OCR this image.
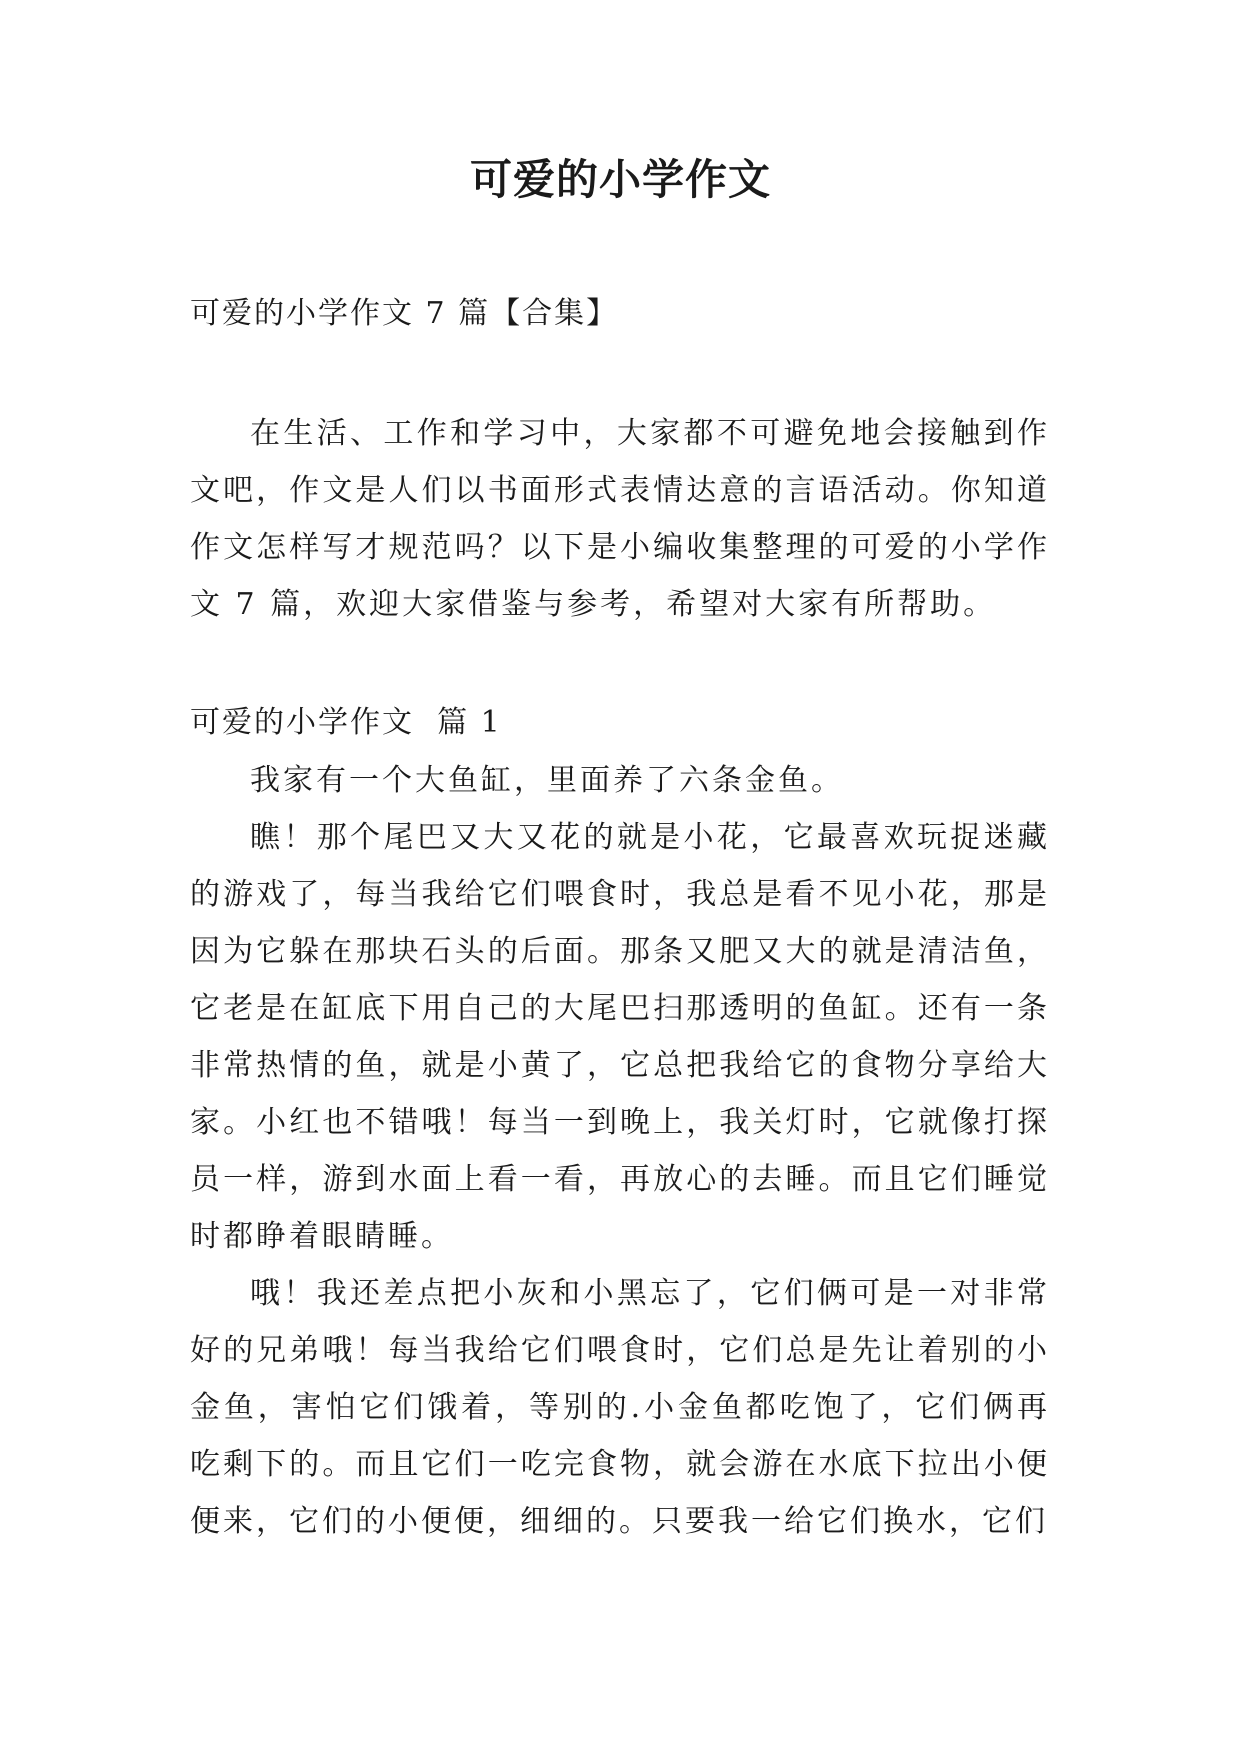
可爱的小学作文
可爱的小学作文 7 篇【合集】

在生活、工作和学习中，大家都不可避免地会接触到作文吧，作文是人们以书面形式表情达意的言语活动。你知道作文怎样写才规范吗？以下是小编收集整理的可爱的小学作文 7 篇，欢迎大家借鉴与参考，希望对大家有所帮助。

可爱的小学作文  篇 1

我家有一个大鱼缸，里面养了六条金鱼。

瞧！那个尾巴又大又花的就是小花，它最喜欢玩捉迷藏的游戏了，每当我给它们喂食时，我总是看不见小花，那是因为它躲在那块石头的后面。那条又肥又大的就是清洁鱼，它老是在缸底下用自己的大尾巴扫那透明的鱼缸。还有一条非常热情的鱼，就是小黄了，它总把我给它的食物分享给大家。小红也不错哦！每当一到晚上，我关灯时，它就像打探员一样，游到水面上看一看，再放心的去睡。而且它们睡觉时都睁着眼睛睡。

哦！我还差点把小灰和小黑忘了，它们俩可是一对非常好的兄弟哦！每当我给它们喂食时，它们总是先让着别的小金鱼，害怕它们饿着，等别的.小金鱼都吃饱了，它们俩再吃剩下的。而且它们一吃完食物，就会游在水底下拉出小便便来，它们的小便便，细细的。只要我一给它们换水，它们
